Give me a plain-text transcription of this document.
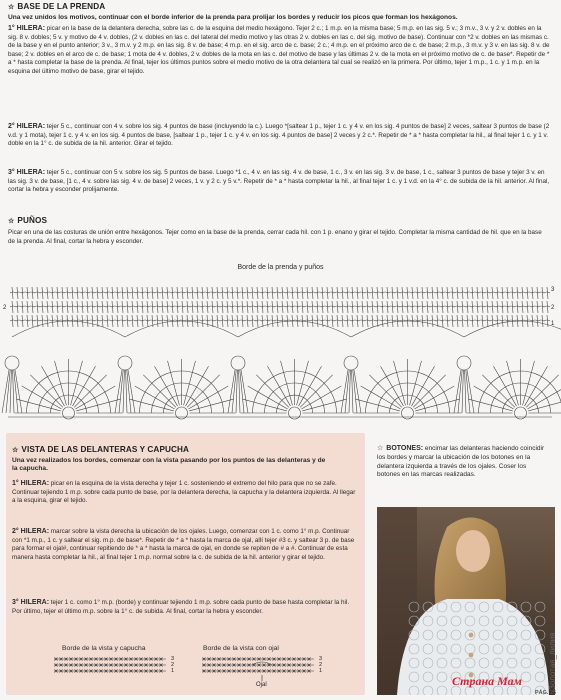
☆ BASE DE LA PRENDA
Una vez unidos los motivos, continuar con el borde inferior de la prenda para prolijar los bordes y reducir los picos que forman los hexágonos.
1° HILERA: picar en la base de la delantera derecha, sobre las c. de la esquina del medio hexágono. Tejer 2 c.; 1 m.p. en la misma base; 5 m.p. en las sig. 5 v.; 3 m.v., 3 v. y 2 v. dobles en la sig. 8 v. dobles; 5 v. y motivo de 4 v. dobles, (2 v. dobles en las c. del lateral del medio motivo y las otras 2 v. dobles en las c. del sig. motivo de base). Continuar con *2 v. dobles en las mismas c. de la base y en el punto anterior; 3 v., 3 m.v. y 2 m.p. en las sig. 8 v. de base; 4 m.p. en el sig. arco de c. base; 2 c.; 4 m.p. en el próximo arco de c. de base; 2 m.p., 3 m.v. y 3 v. en las sig. 8 v. de base; 2 v. dobles en el arco de c. de base; 1 mota de 4 v. dobles, 2 v. dobles de la mota en las c. del motivo de base y las últimas 2 v. de la mota en el próximo motivo de c. de base*. Repetir de * a * hasta completar la base de la prenda. Al final, tejer los últimos puntos sobre el medio motivo de la otra delantera tal cual se realizó en la primera. Por último, tejer 1 m.p., 1 c. y 1 m.p. en la esquina del último motivo de base, girar el tejido.
2° HILERA: tejer 5 c., continuar con 4 v. sobre los sig. 4 puntos de base (incluyendo la c.). Luego *[saltear 1 p., tejer 1 c. y 4 v. en los sig. 4 puntos de base] 2 veces, saltear 3 puntos de base (2 v.d. y 1 mota), tejer 1 c. y 4 v. en los sig. 4 puntos de base, [saltear 1 p., tejer 1 c. y 4 v. en los sig. 4 puntos de base] 2 veces y 2 c.*. Repetir de * a * hasta completar la hil., al final tejer 1 c. y 1 v. doble en la 1° c. de subida de la hil. anterior. Girar el tejido.
3° HILERA: tejer 5 c., continuar con 5 v. sobre los sig. 5 puntos de base. Luego *1 c., 4 v. en las sig. 4 v. de base, 1 c., 3 v. en las sig. 3 v. de base, 1 c., saltear 3 puntos de base y tejer 3 v. en las sig. 3 v. de base, [1 c., 4 v. sobre las sig. 4 v. de base] 2 veces, 1 v. y 2 c. y 5 v.*. Repetir de * a * hasta completar la hil., al final tejer 1 c. y 1 v.d. en la 4° c. de subida de la hil. anterior. Al final, cortar la hebra y esconder prolijamente.
☆ PUÑOS
Picar en una de las costuras de unión entre hexágonos. Tejer como en la base de la prenda, cerrar cada hil. con 1 p. enano y girar el tejido. Completar la misma cantidad de hil. que en la base de la prenda. Al final, cortar la hebra y esconder.
Borde de la prenda y puños
3
2
1
2
☆ VISTA DE LAS DELANTERAS Y CAPUCHA
Una vez realizados los bordes, comenzar con la vista pasando por los puntos de las delanteras y de la capucha.
1° HILERA: picar en la esquina de la vista derecha y tejer 1 c. sosteniendo el extremo del hilo para que no se zafe. Continuar tejiendo 1 m.p. sobre cada punto de base, por la delantera derecha, la capucha y la delantera izquierda. Al llegar a la esquina, girar el tejido.
2° HILERA: marcar sobre la vista derecha la ubicación de los ojales. Luego, comenzar con 1 c. como 1° m.p. Continuar con *1 m.p., 1 c. y saltear el sig. m.p. de base*. Repetir de * a * hasta la marca de ojal, allí tejer #3 c. y saltear 3 p. de base para formar el ojal#, continuar repitiendo de * a * hasta la marca de ojal, en donde se repiten de # a #. Continuar de esta manera hasta completar la hil., al final tejer 1 m.p. normal sobre la c. de subida de la hil. anterior y girar el tejido.
3° HILERA: tejer 1 c. como 1° m.p. (borde) y continuar tejiendo 1 m.p. sobre cada punto de base hasta completar la hil. Por último, tejer el último m.p. sobre la 1° c. de subida. Al final, cortar la hebra y esconder.
Borde de la vista y capucha	Borde de la vista con ojal
3
2
1
3
2
1
Ojal
☆ BOTONES: encimar las delanteras haciendo coincidir los bordes y marcar la ubicación de los botones en la delantera izquierda a través de los ojales. Coser los botones en las marcas realizadas.
PÁG. 25
Страна Мам	Золотая_лилия
